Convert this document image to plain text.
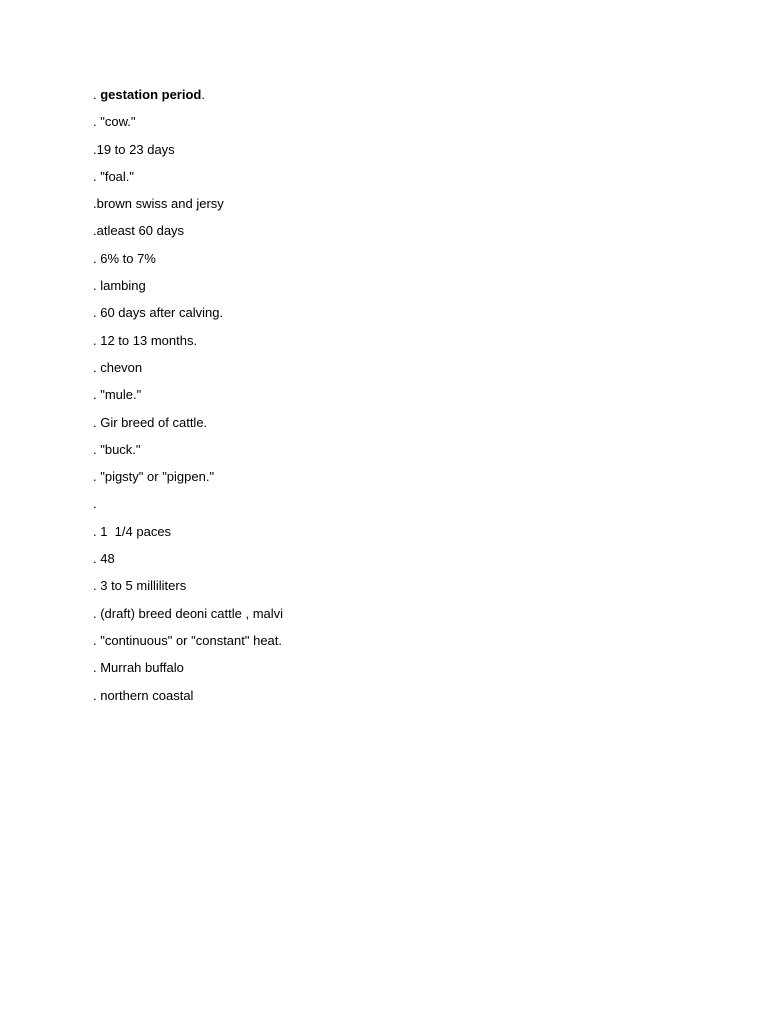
. gestation period.
. "cow."
.19 to 23 days
. "foal."
.brown swiss and jersy
.atleast 60 days
. 6% to 7%
. lambing
. 60 days after calving.
. 12 to 13 months.
. chevon
. "mule."
. Gir breed of cattle.
. "buck."
. "pigsty" or "pigpen."
.
. 1  1/4 paces
. 48
. 3 to 5 milliliters
. (draft) breed deoni cattle , malvi
. "continuous" or "constant" heat.
. Murrah buffalo
. northern coastal
